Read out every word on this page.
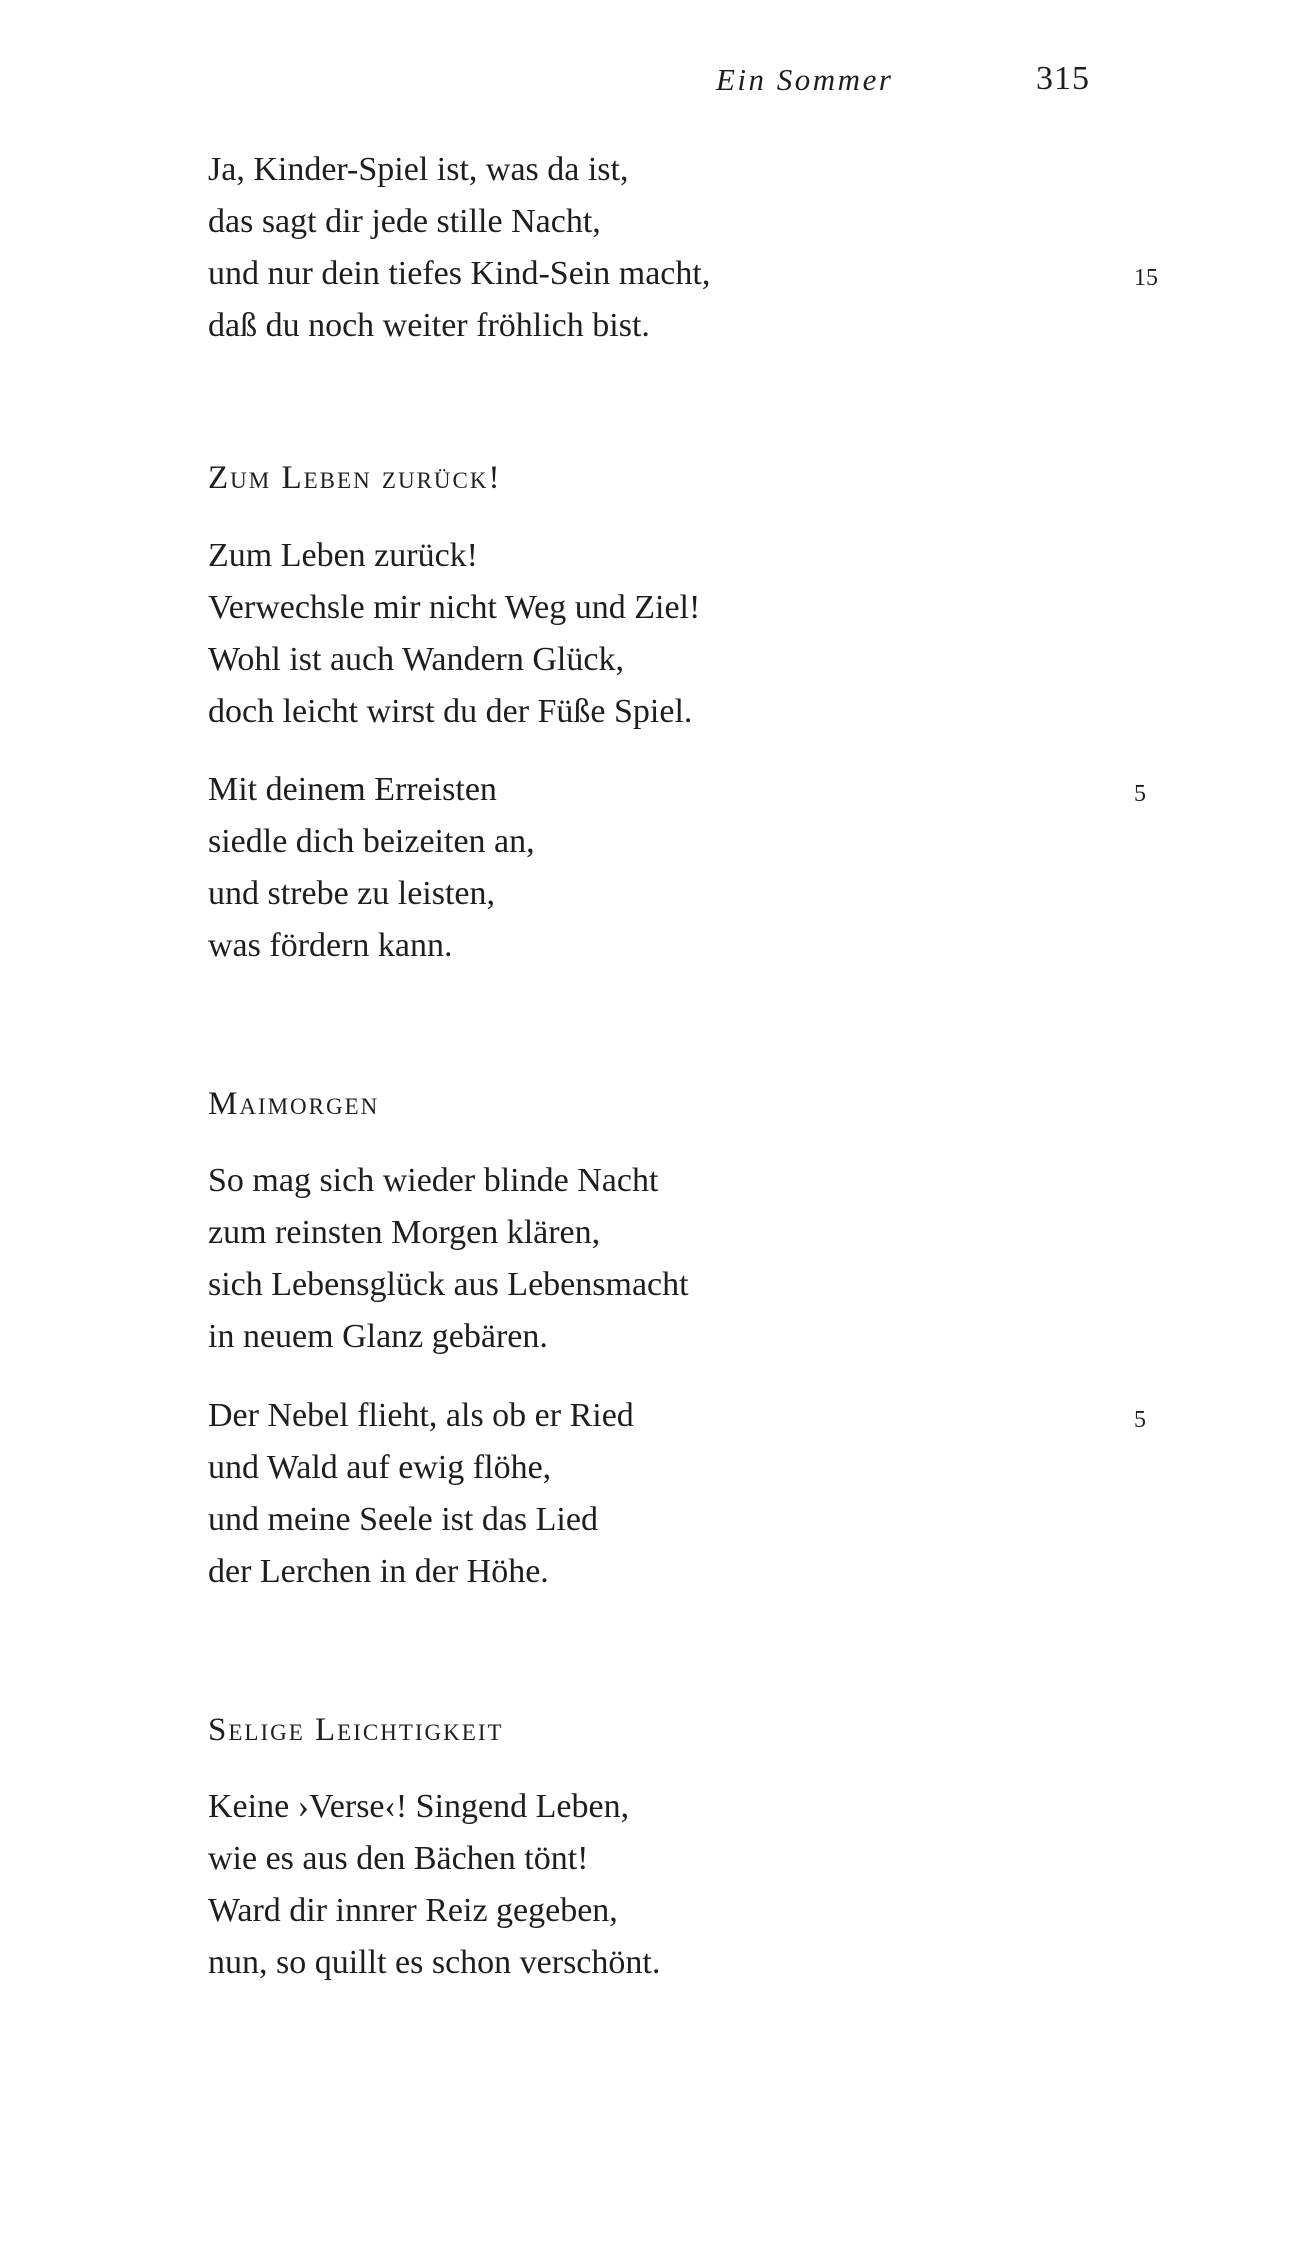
Ein Sommer	315
Ja, Kinder-Spiel ist, was da ist,
das sagt dir jede stille Nacht,
und nur dein tiefes Kind-Sein macht,	15
daß du noch weiter fröhlich bist.
Zum Leben zurück!
Zum Leben zurück!
Verwechsle mir nicht Weg und Ziel!
Wohl ist auch Wandern Glück,
doch leicht wirst du der Füße Spiel.
Mit deinem Erreisten	5
siedle dich beizeiten an,
und strebe zu leisten,
was fördern kann.
Maimorgen
So mag sich wieder blinde Nacht
zum reinsten Morgen klären,
sich Lebensglück aus Lebensmacht
in neuem Glanz gebären.
Der Nebel flieht, als ob er Ried	5
und Wald auf ewig flöhe,
und meine Seele ist das Lied
der Lerchen in der Höhe.
Selige Leichtigkeit
Keine ›Verse‹! Singend Leben,
wie es aus den Bächen tönt!
Ward dir innrer Reiz gegeben,
nun, so quillt es schon verschönt.
